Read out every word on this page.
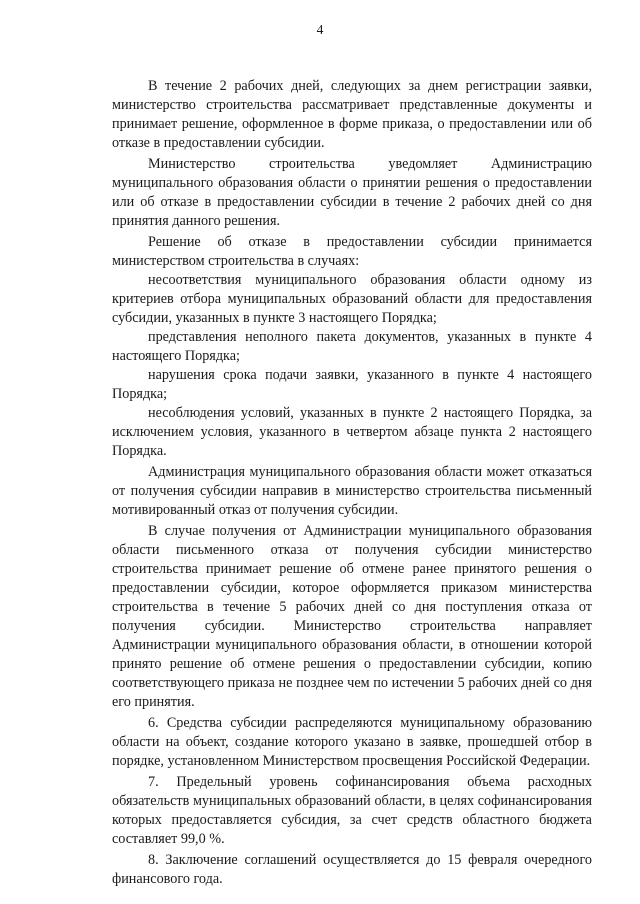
4

В течение 2 рабочих дней, следующих за днем регистрации заявки, министерство строительства рассматривает представленные документы и принимает решение, оформленное в форме приказа, о предоставлении или об отказе в предоставлении субсидии.

Министерство строительства уведомляет Администрацию муниципального образования области о принятии решения о предоставлении или об отказе в предоставлении субсидии в течение 2 рабочих дней со дня принятия данного решения.

Решение об отказе в предоставлении субсидии принимается министерством строительства в случаях:

несоответствия муниципального образования области одному из критериев отбора муниципальных образований области для предоставления субсидии, указанных в пункте 3 настоящего Порядка;

представления неполного пакета документов, указанных в пункте 4 настоящего Порядка;

нарушения срока подачи заявки, указанного в пункте 4 настоящего Порядка;

несоблюдения условий, указанных в пункте 2 настоящего Порядка, за исключением условия, указанного в четвертом абзаце пункта 2 настоящего Порядка.

Администрация муниципального образования области может отказаться от получения субсидии направив в министерство строительства письменный мотивированный отказ от получения субсидии.

В случае получения от Администрации муниципального образования области письменного отказа от получения субсидии министерство строительства принимает решение об отмене ранее принятого решения о предоставлении субсидии, которое оформляется приказом министерства строительства в течение 5 рабочих дней со дня поступления отказа от получения субсидии. Министерство строительства направляет Администрации муниципального образования области, в отношении которой принято решение об отмене решения о предоставлении субсидии, копию соответствующего приказа не позднее чем по истечении 5 рабочих дней со дня его принятия.

6. Средства субсидии распределяются муниципальному образованию области на объект, создание которого указано в заявке, прошедшей отбор в порядке, установленном Министерством просвещения Российской Федерации.

7. Предельный уровень софинансирования объема расходных обязательств муниципальных образований области, в целях софинансирования которых предоставляется субсидия, за счет средств областного бюджета составляет 99,0 %.

8. Заключение соглашений осуществляется до 15 февраля очередного финансового года.
